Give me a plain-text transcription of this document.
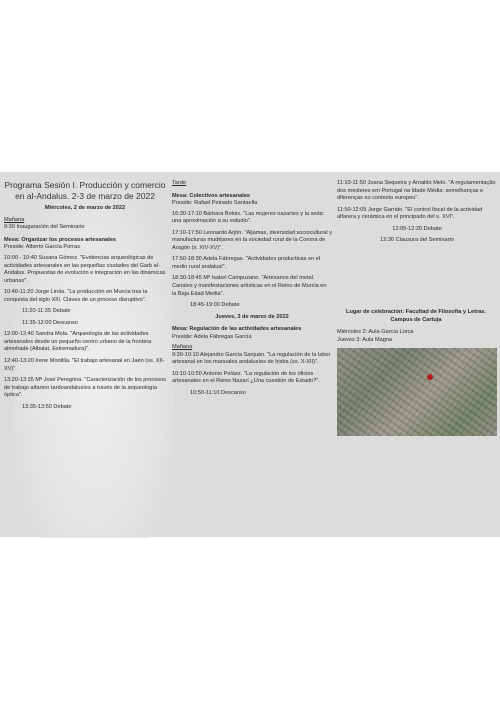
Programa Sesión I. Producción y comercio en al-Andalus. 2-3 de marzo de 2022
Miércoles, 2 de marzo de 2022
Mañana

9:30 Inauguración del Seminario

Mesa: Organizar los procesos artesanales
Preside: Alberto García Porras

10:00 - 10:40 Susana Gómez. "Evidencias arqueológicas de actividades artesanales en las pequeñas ciudades del Garb al-Andalus. Propuestas de evolución e integración en las dinámicas urbanas".

10:40-11:20 Jorge Lirola. "La producción en Murcia tras la conquista del siglo XIII. Claves de un proceso disruptivo".

11:20-11:35 Debate

11:35-12:00 Descanso

12:00-12:40 Sandra Mola. "Arqueología de las actividades artesanales desde un pequeño centro urbano de la frontera almohade (Albalat, Extremadura)".

12:40-13:20 Irene Montilla. "El trabajo artesanal en Jaén (ss. XII-XV)".

13:20-13:35 Mª José Peregrina. "Caracterización de los procesos de trabajo alfarero tardoandalusíes a través de la arqueología óptica".

13:35-13:50 Debate

Tarde
Mesa: Colectivos artesanales
Preside: Rafael Peinado Santaella

16:30-17:10 Bárbara Boloix. "Las mujeres nazaríes y la seda: una aproximación a su estudio".

17:10-17:50 Leonardo Arjón. "Aljamas, diversidad sociocultural y manufacturas mudéjares en la sociedad rural de la Corona de Aragón (s. XIV-XV)".

17:50-18:30 Adela Fábregas. "Actividades productivas en el medio rural andalusí".

18:30-18:45 Mª Isabel Campuzano. "Artesanos del metal. Canales y manifestaciones artísticas en el Reino de Murcia en la Baja Edad Media".

18:45-19:00 Debate

Jueves, 3 de marzo de 2022
Mesa: Regulación de las actividades artesanales
Preside: Adela Fábregas García
Mañana

9:30-10:10 Alejandro García Sanjuán. "La regulación de la labor artesanal en los manuales andalusíes de ḥisba (ss. X-XII)".

10:10-10:50 Antonio Peláez. "La regulación de los oficios artesanales en el Reino Nazarí ¿Una cuestión de Estado?".

10:50-11:10 Descanso

11:10-11:50 Joana Sequeira y Arnaldo Melo. "A regulamentação dos mesteres em Portugal na Idade Média: semelhanças e diferenças no contexto europeu".

11:50-12:05 Jorge Garrido. "El control fiscal de la actividad alfarera y cerámica en el principado del s. XVI".

12:05-12:20 Debate

12:30 Clausura del Seminario

Lugar de celebración: Facultad de Filosofía y Letras. Campus de Cartuja
Miércoles 2: Aula García Lorca
Jueves 3: Aula Magna
